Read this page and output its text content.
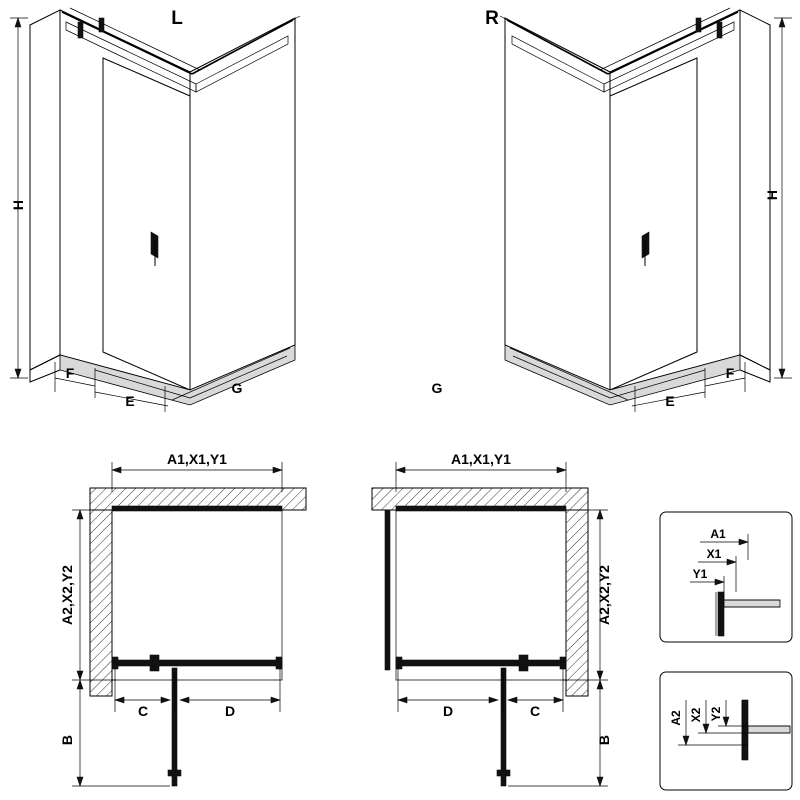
H
F
E
G
L
H
F
E
G
R
A1,X1,Y1
A2,X2,Y2
C	D
B
A1,X1,Y1
A2,X2,Y2
D	C
B
A1
X1
Y1
A2 X2 Y2
